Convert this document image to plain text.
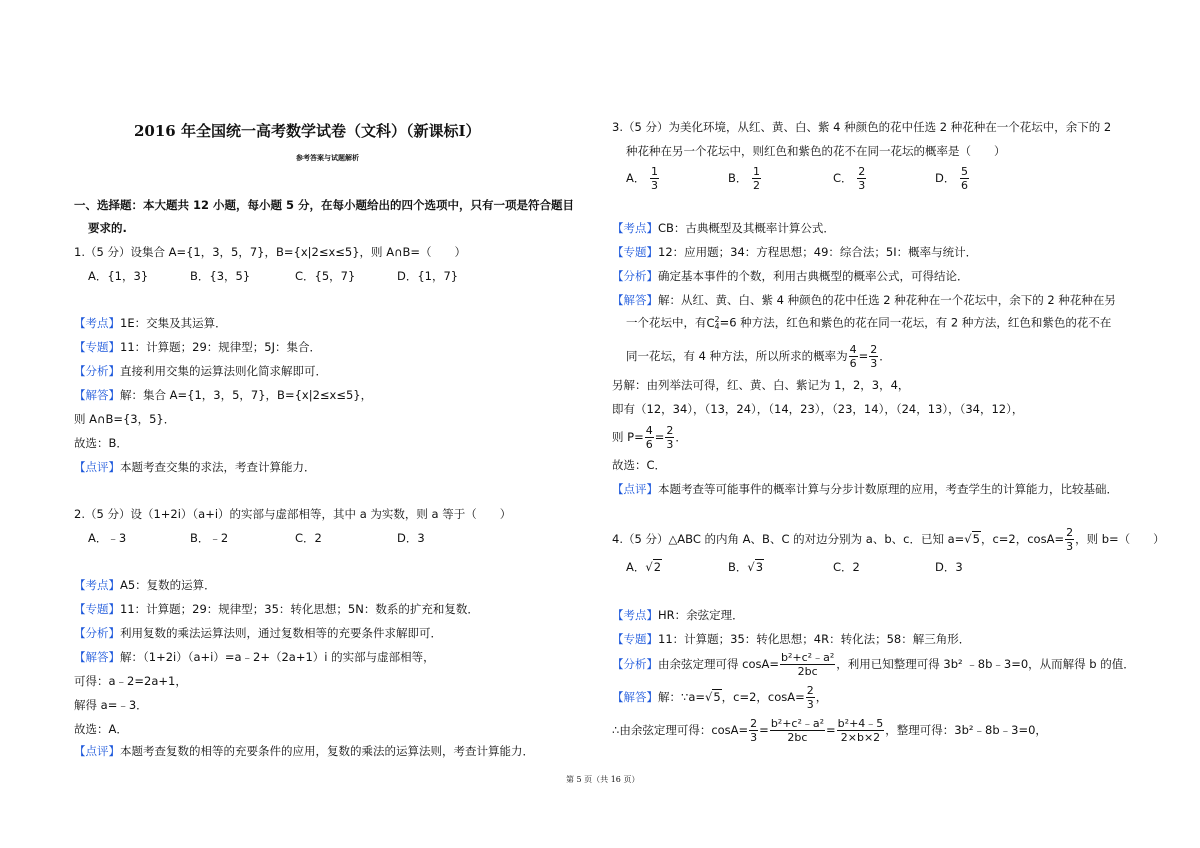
2016 年全国统一高考数学试卷（文科）（新课标Ⅰ）
参考答案与试题解析
一、选择题：本大题共 12 小题，每小题 5 分，在每小题给出的四个选项中，只有一项是符合题目
要求的.
1.（5 分）设集合 A={1，3，5，7}，B={x|2≤x≤5}，则 A∩B=（　　）
A．{1，3}	B．{3，5}	C．{5，7}	D．{1，7}
【考点】1E：交集及其运算．
【专题】11：计算题；29：规律型；5J：集合．
【分析】直接利用交集的运算法则化简求解即可．
【解答】解：集合 A={1，3，5，7}，B={x|2≤x≤5}，
则 A∩B={3，5}．
故选：B．
【点评】本题考查交集的求法，考查计算能力．
2.（5 分）设（1+2i）（a+i）的实部与虚部相等，其中 a 为实数，则 a 等于（　　）
A．﹣3	B．﹣2	C．2	D．3
【考点】A5：复数的运算．
【专题】11：计算题；29：规律型；35：转化思想；5N：数系的扩充和复数．
【分析】利用复数的乘法运算法则，通过复数相等的充要条件求解即可．
【解答】解：（1+2i）（a+i）=a﹣2+（2a+1）i 的实部与虚部相等，
可得：a﹣2=2a+1，
解得 a=﹣3．
故选：A．
【点评】本题考查复数的相等的充要条件的应用，复数的乘法的运算法则，考查计算能力．
3.（5 分）为美化环境，从红、黄、白、紫 4 种颜色的花中任选 2 种花种在一个花坛中，余下的 2
种花种在另一个花坛中，则红色和紫色的花不在同一花坛的概率是（　　）
A． $\frac{1}{3}$	B． $\frac{1}{2}$	C． $\frac{2}{3}$	D． $\frac{5}{6}$
【考点】CB：古典概型及其概率计算公式．
【专题】12：应用题；34：方程思想；49：综合法；5I：概率与统计．
【分析】确定基本事件的个数，利用古典概型的概率公式，可得结论．
【解答】解：从红、黄、白、紫 4 种颜色的花中任选 2 种花种在一个花坛中，余下的 2 种花种在另
一个花坛中，有C 2
4 =6 种方法，红色和紫色的花在同一花坛，有 2 种方法，红色和紫色的花不在
同一花坛，有 4 种方法，所以所求的概率为 $\frac{4}{6} = \frac{2}{3}$ ．
另解：由列举法可得，红、黄、白、紫记为 1，2，3，4，
即有（12，34），（13，24），（14，23），（23，14），（24，13），（34，12），
则 $P= \frac{4}{6} = \frac{2}{3}$ ．
故选：C．
【点评】本题考查等可能事件的概率计算与分步计数原理的应用，考查学生的计算能力，比较基础．
4.（5 分）△ABC 的内角 A、B、C 的对边分别为 a、b、c．已知 a=√5，c=2，$\cos A= \frac{2}{3}$ ，则 b=（　　）
A．√2	B．√3	C．2	D．3
【考点】HR：余弦定理．
【专题】11：计算题；35：转化思想；4R：转化法；58：解三角形．
【分析】由余弦定理可得 $\cos A= \frac{\text{b²+c²﹣a²}}{2bc}$ ，利用已知整理可得 3b² ﹣8b﹣3=0，从而解得 b 的值．
【解答】解：∵a=√5，c=2，$\cos A= \frac{2}{3}$ ，
∴由余弦定理可得：$\cos A= \frac{2}{3} = \frac{\text{b²+c²﹣a²}}{2bc} = \frac{\text{b²+4﹣5}}{2\times b\times 2}$ ，整理可得：3b²﹣8b﹣3=0，
第 5 页（共 16 页）
